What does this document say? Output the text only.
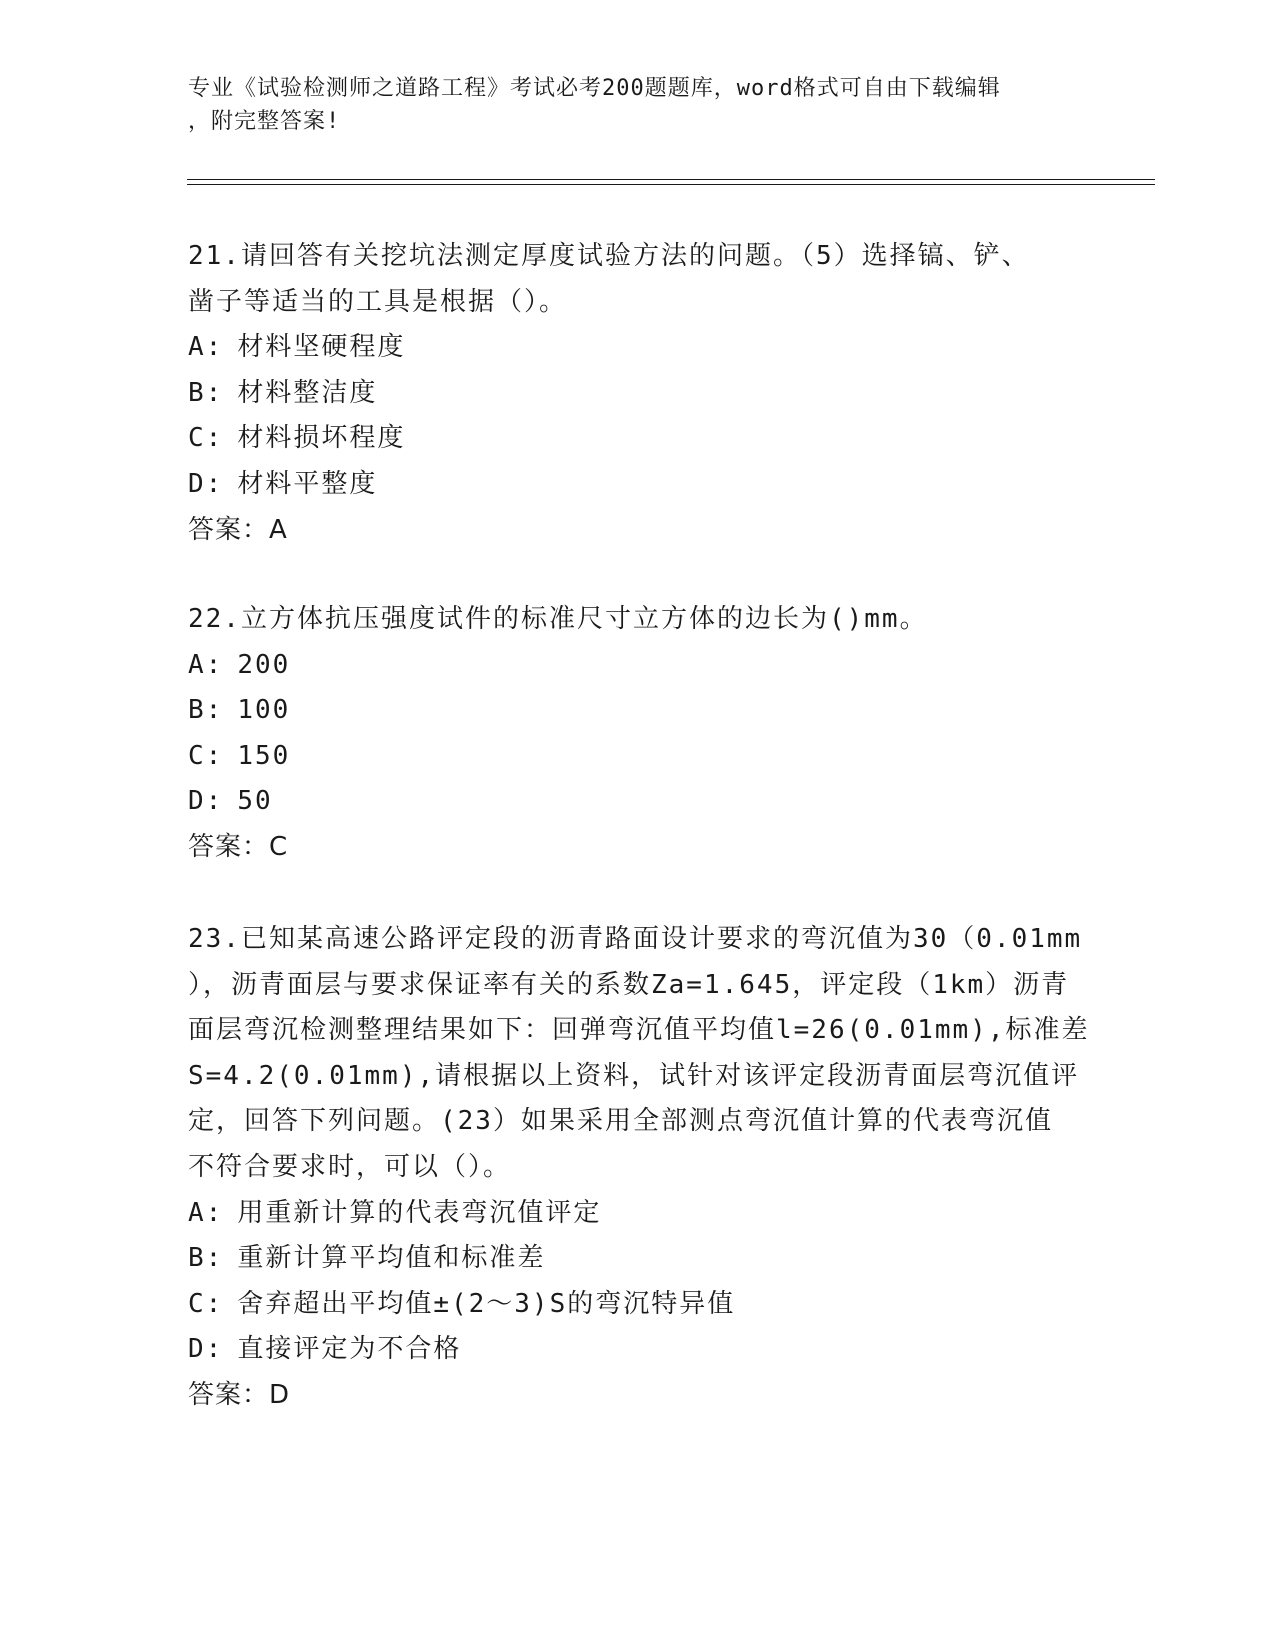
专业《试验检测师之道路工程》考试必考200题题库，word格式可自由下载编辑
，附完整答案!
21.请回答有关挖坑法测定厚度试验方法的问题。（5）选择镐、铲、
凿子等适当的工具是根据（）。
A: 材料坚硬程度
B: 材料整洁度
C: 材料损坏程度
D: 材料平整度
答案：A
22.立方体抗压强度试件的标准尺寸立方体的边长为()mm。
A: 200
B: 100
C: 150
D: 50
答案：C
23.已知某高速公路评定段的沥青路面设计要求的弯沉值为30（0.01mm
），沥青面层与要求保证率有关的系数Za=1.645，评定段（1km）沥青
面层弯沉检测整理结果如下：回弹弯沉值平均值l=26(0.01mm),标准差
S=4.2(0.01mm),请根据以上资料，试针对该评定段沥青面层弯沉值评
定，回答下列问题。(23）如果采用全部测点弯沉值计算的代表弯沉值
不符合要求时，可以（）。
A: 用重新计算的代表弯沉值评定
B: 重新计算平均值和标准差
C: 舍弃超出平均值±(2～3)S的弯沉特异值
D: 直接评定为不合格
答案：D
